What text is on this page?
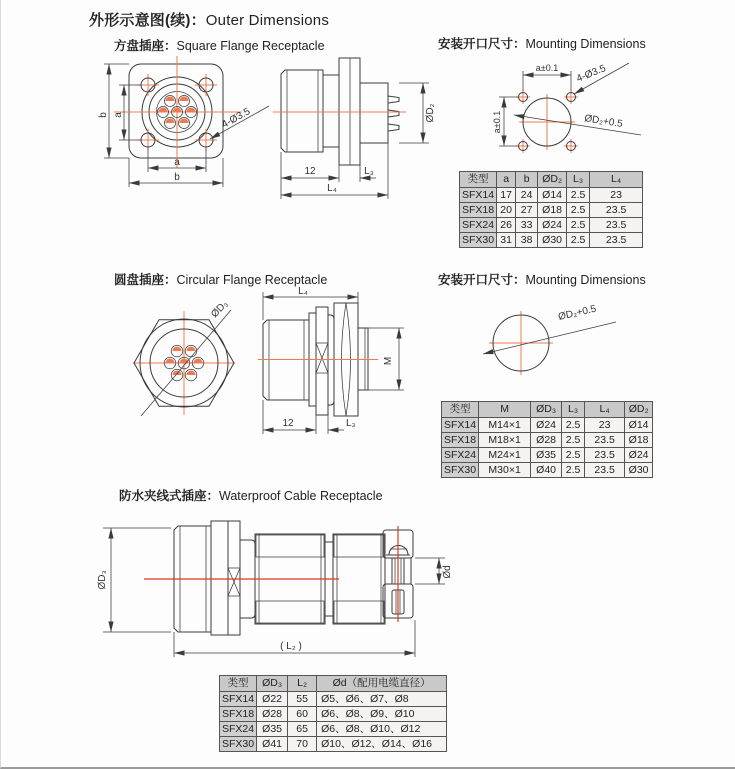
外形示意图(续)：Outer Dimensions
方盘插座：Square Flange Receptacle	安装开口尺寸：Mounting Dimensions
圆盘插座：Circular Flange Receptacle	安装开口尺寸：Mounting Dimensions
防水夹线式插座：Waterproof Cable Receptacle
b a
a
b
4-Ø3.5	ØD₂
12	L₃
L₄
a±0.1
a±0.1
4-Ø3.5
ØD₂+0.5
类型	a	b	ØD₂	L₃	L₄
SFX14	17	24	Ø14	2.5	23
SFX18	20	27	Ø18	2.5	23.5
SFX24	26	33	Ø24	2.5	23.5
SFX30	31	38	Ø30	2.5	23.5
ØD₃
L₄
M
12	L₃
ØD₂+0.5
类型	M	ØD₃	L₃	L₄	ØD₂
SFX14	M14×1	Ø24	2.5	23	Ø14
SFX18	M18×1	Ø28	2.5	23.5	Ø18
SFX24	M24×1	Ø35	2.5	23.5	Ø24
SFX30	M30×1	Ø40	2.5	23.5	Ø30
ØD₃	Ød
( L₂ )
类型	ØD₃	L₂	Ød（配用电缆直径）
SFX14	Ø22	55	Ø5、Ø6、Ø7、Ø8
SFX18	Ø28	60	Ø6、Ø8、Ø9、Ø10
SFX24	Ø35	65	Ø6、Ø8、Ø10、Ø12
SFX30	Ø41	70	Ø10、Ø12、Ø14、Ø16
